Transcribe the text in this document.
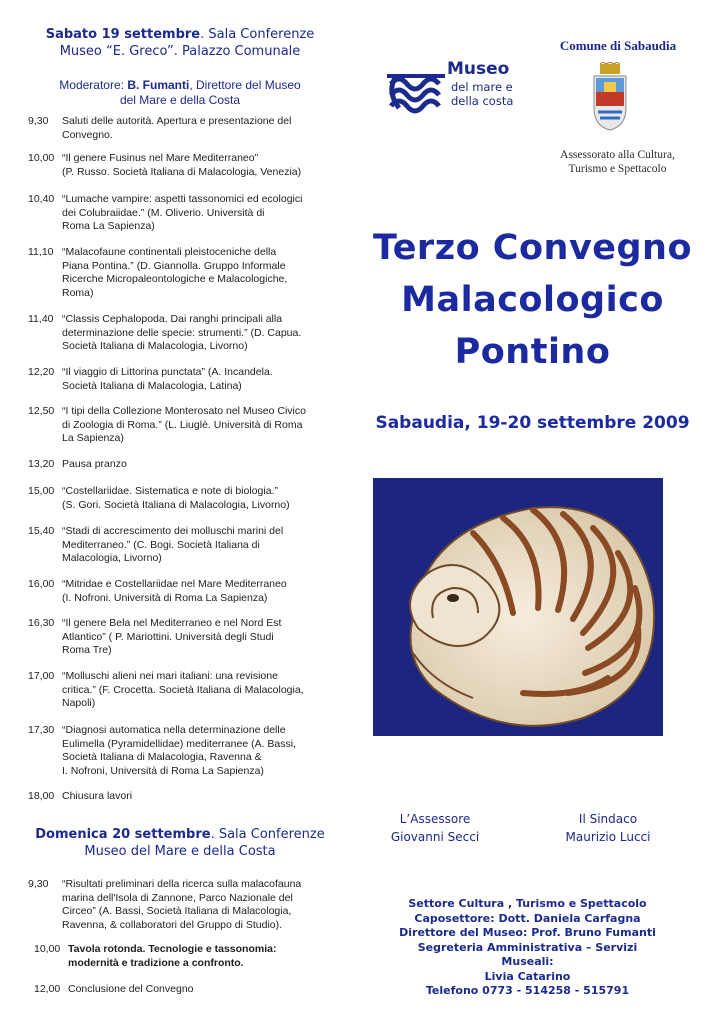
Sabato 19 settembre. Sala Conferenze
Museo “E. Greco”. Palazzo Comunale
Moderatore: B. Fumanti, Direttore del Museo
del Mare e della Costa
9,30	Saluti delle autorità. Apertura e presentazione del
Convegno.
10,00 “Il genere Fusinus nel Mare Mediterraneo”
(P. Russo. Società Italiana di Malacologia, Venezia)
10,40 “Lumache vampire: aspetti tassonomici ed ecologici
dei Colubraiidae.” (M. Oliverio. Università di
Roma La Sapienza)
11,10 “Malacofaune continentali pleistoceniche della
Piana Pontina.” (D. Giannolla. Gruppo Informale
Ricerche Micropaleontologiche e Malacologiche,
Roma)
11,40 “Classis Cephalopoda. Dai ranghi principali alla
determinazione delle specie: strumenti.” (D. Capua.
Società Italiana di Malacologia, Livorno)
12,20 “Il viaggio di Littorina punctata” (A. Incandela.
Società Italiana di Malacologia, Latina)
12,50 “I tipi della Collezione Monterosato nel Museo Civico
di Zoologia di Roma.” (L. Liuglè. Università di Roma
La Sapienza)
13,20 Pausa pranzo
15,00 “Costellariidae. Sistematica e note di biologia.”
(S. Gori. Società Italiana di Malacologia, Livorno)
15,40 “Stadi di accrescimento dei molluschi marini del
Mediterraneo.” (C. Bogi. Società Italiana di
Malacologia, Livorno)
16,00 “Mitridae e Costellariidae nel Mare Mediterraneo
(I. Nofroni. Università di Roma La Sapienza)
16,30 “Il genere Bela nel Mediterraneo e nel Nord Est
Atlantico” ( P. Mariottini. Università degli Studi
Roma Tre)
17,00 “Molluschi alieni nei mari italiani: una revisione
critica.” (F. Crocetta. Società Italiana di Malacologia,
Napoli)
17,30 “Diagnosi automatica nella determinazione delle
Eulimella (Pyramidellidae) mediterranee (A. Bassi,
Società Italiana di Malacologia, Ravenna &
I. Nofroni, Università di Roma La Sapienza)
18,00 Chiusura lavori
Domenica 20 settembre. Sala Conferenze
Museo del Mare e della Costa
9,30	“Risultati preliminari della ricerca sulla malacofauna
marina dell'Isola di Zannone, Parco Nazionale del
Circeo” (A. Bassi, Società Italiana di Malacologia,
Ravenna, & collaboratori del Gruppo di Studio).
10,00 Tavola rotonda. Tecnologie e tassonomia:
modernità e tradizione a confronto.
12,00 Conclusione del Convegno
Museo
del mare e
della costa
Comune di Sabaudia
Assessorato alla Cultura,
Turismo e Spettacolo
Terzo Convegno
Malacologico
Pontino
Sabaudia, 19-20 settembre 2009
L’Assessore
Giovanni Secci
Il Sindaco
Maurizio Lucci
Settore Cultura , Turismo e Spettacolo
Caposettore: Dott. Daniela Carfagna
Direttore del Museo: Prof. Bruno Fumanti
Segreteria Amministrativa – Servizi Museali:
Livia Catarino
Telefono 0773 - 514258 - 515791
